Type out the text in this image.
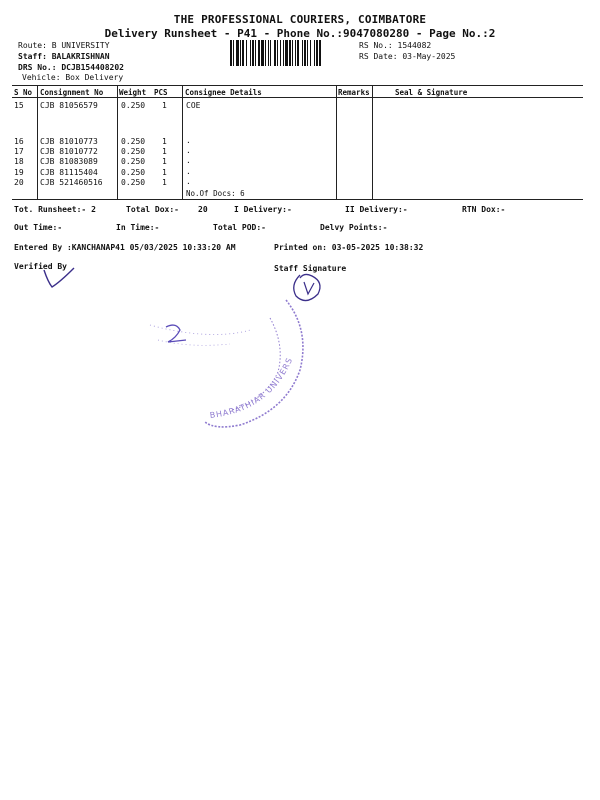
THE PROFESSIONAL COURIERS, COIMBATORE
Delivery Runsheet - P41 - Phone No.:9047080280 - Page No.:2
Route: B UNIVERSITY
Staff: BALAKRISHNAN
DRS No.: DCJB154408202
Vehicle: Box Delivery
RS No.: 1544082
RS Date: 03-May-2025
S No Consignment No Weight PCS Consignee Details	Remarks	Seal & Signature
15 CJB 81056579	0.250 1 COE
16 CJB 81010773	0.250 1 .
17 CJB 81010772	0.250 1 .
18 CJB 81083089	0.250 1 .
19 CJB 81115404	0.250 1 .
20 CJB 521460516 0.250 1 .
No.Of Docs: 6
Tot. Runsheet:- 2	Total Dox:- 20	I Delivery:-	II Delivery:-	RTN Dox:-
Out Time:-	In Time:-	Total POD:-	Delvy Points:-
Entered By :KANCHANAP41 05/03/2025 10:33:20 AM	Printed on: 03-05-2025 10:38:32
Verified By	Staff Signature
BHARATHIAR UNIVERS
